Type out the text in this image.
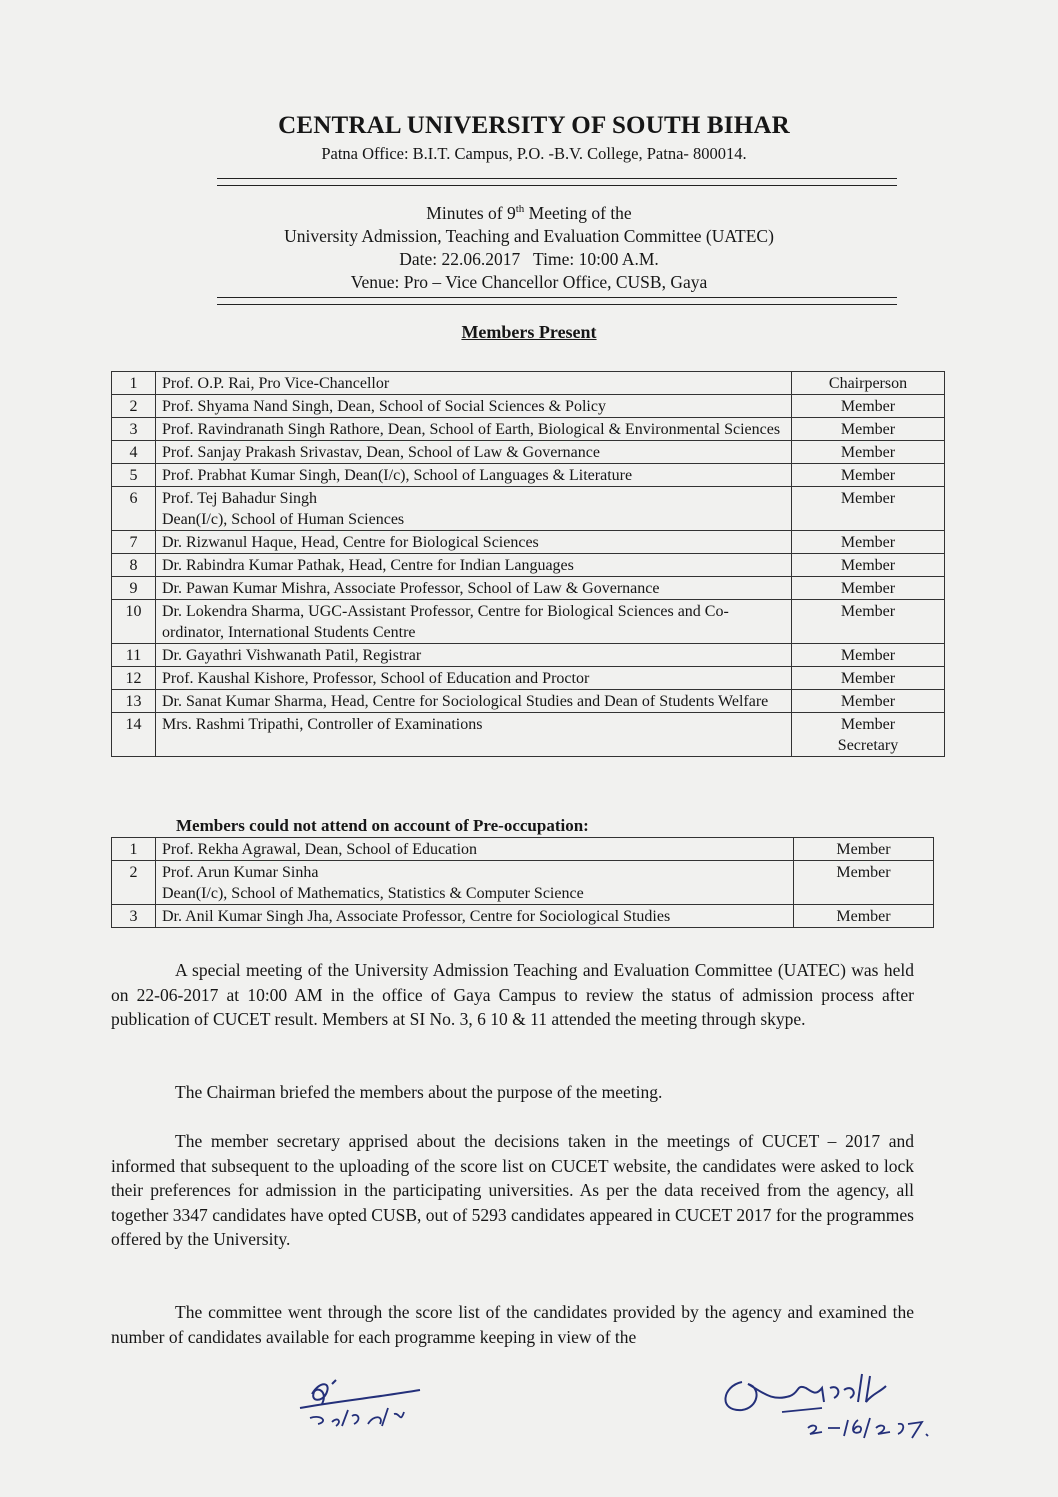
CENTRAL UNIVERSITY OF SOUTH BIHAR
Patna Office: B.I.T. Campus, P.O. -B.V. College, Patna- 800014.
Minutes of 9th Meeting of the
University Admission, Teaching and Evaluation Committee (UATEC)
Date: 22.06.2017   Time: 10:00 A.M.
Venue: Pro – Vice Chancellor Office, CUSB, Gaya
Members Present
1	Prof. O.P. Rai, Pro Vice-Chancellor	Chairperson

2	Prof. Shyama Nand Singh, Dean, School of Social Sciences & Policy	Member

3	Prof. Ravindranath Singh Rathore, Dean, School of Earth, Biological & Environmental Sciences	Member

4	Prof. Sanjay Prakash Srivastav, Dean, School of Law & Governance	Member

5	Prof. Prabhat Kumar Singh, Dean(I/c), School of Languages & Literature	Member

6	Prof. Tej Bahadur Singh
Dean(I/c), School of Human Sciences	Member

7	Dr. Rizwanul Haque, Head, Centre for Biological Sciences	Member

8	Dr. Rabindra Kumar Pathak, Head, Centre for Indian Languages	Member

9	Dr. Pawan Kumar Mishra, Associate Professor, School of Law & Governance	Member

10	Dr. Lokendra Sharma, UGC-Assistant Professor, Centre for Biological Sciences and Co-ordinator, International Students Centre	Member

11	Dr. Gayathri Vishwanath Patil, Registrar	Member

12	Prof. Kaushal Kishore, Professor, School of Education and Proctor	Member

13	Dr. Sanat Kumar Sharma, Head, Centre for Sociological Studies and Dean of Students Welfare	Member

14	Mrs. Rashmi Tripathi, Controller of Examinations	Member
Secretary
Members could not attend on account of Pre-occupation:
1	Prof. Rekha Agrawal, Dean, School of Education	Member

2	Prof. Arun Kumar Sinha
Dean(I/c), School of Mathematics, Statistics & Computer Science	Member

3	Dr. Anil Kumar Singh Jha, Associate Professor, Centre for Sociological Studies	Member

A special meeting of the University Admission Teaching and Evaluation Committee (UATEC) was held on 22-06-2017 at 10:00 AM in the office of Gaya Campus to review the status of admission process after publication of CUCET result. Members at SI No. 3, 6 10 & 11 attended the meeting through skype.

The Chairman briefed the members about the purpose of the meeting.

The member secretary apprised about the decisions taken in the meetings of CUCET – 2017 and informed that subsequent to the uploading of the score list on CUCET website, the candidates were asked to lock their preferences for admission in the participating universities. As per the data received from the agency, all together 3347 candidates have opted CUSB, out of 5293 candidates appeared in CUCET 2017 for the programmes offered by the University.

The committee went through the score list of the candidates provided by the agency and examined the number of candidates available for each programme keeping in view of the
